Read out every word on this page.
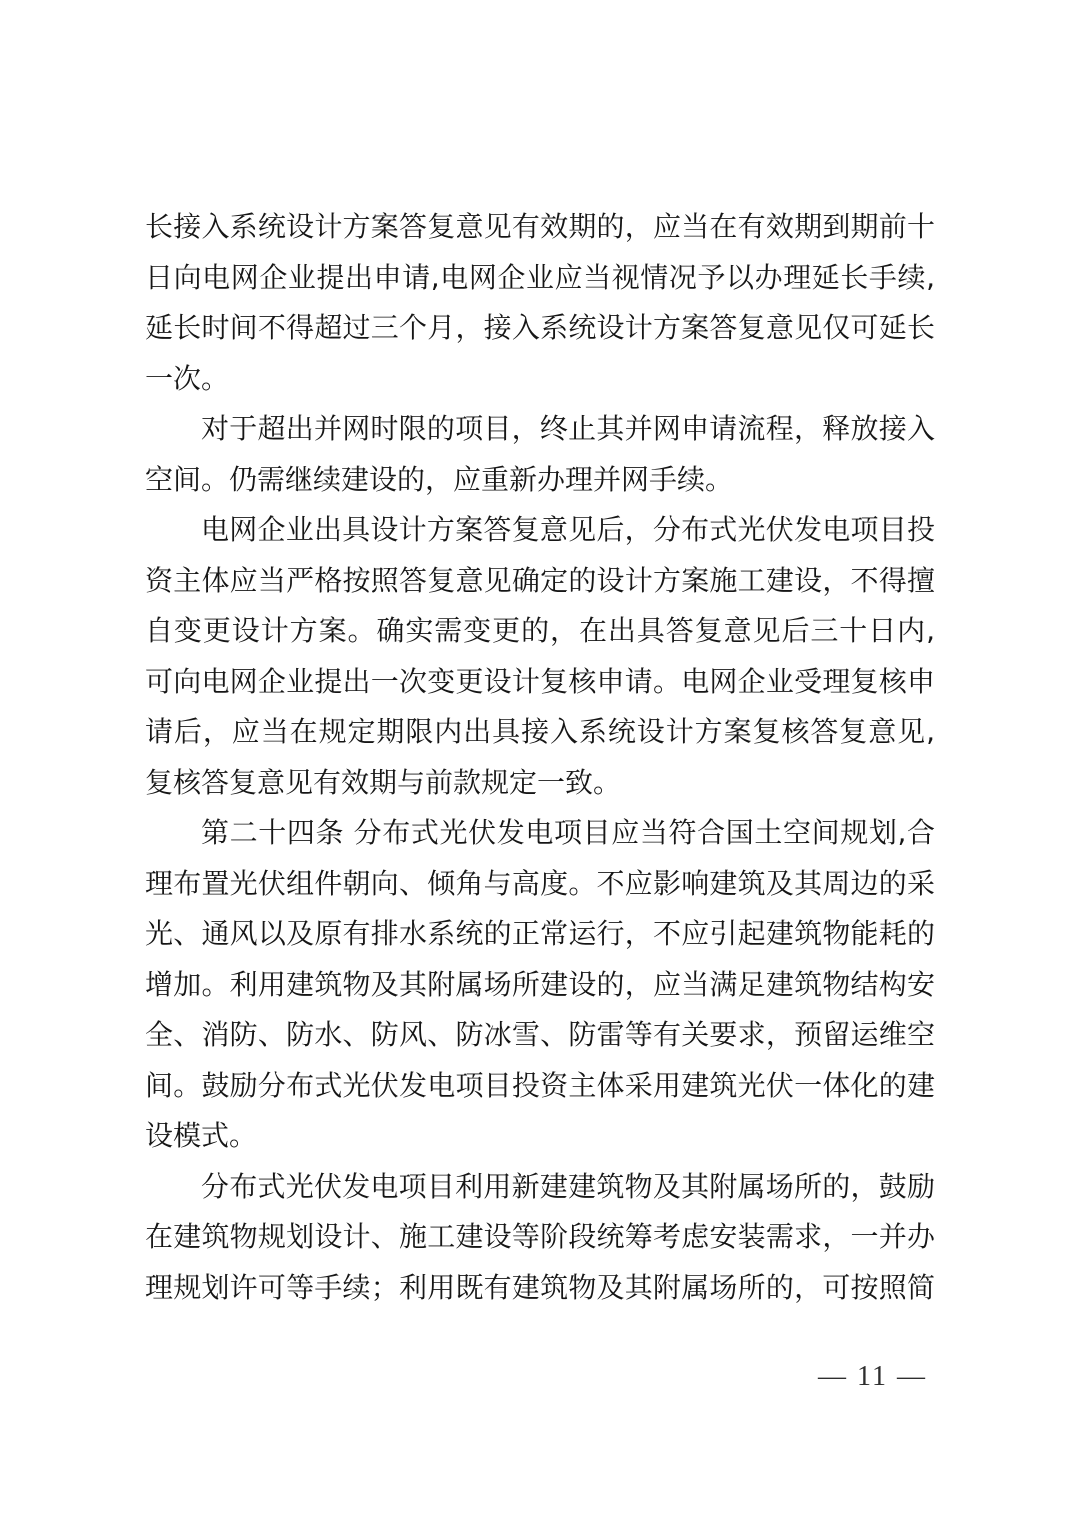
长接入系统设计方案答复意见有效期的，应当在有效期到期前十
日向电网企业提出申请,电网企业应当视情况予以办理延长手续,
延长时间不得超过三个月，接入系统设计方案答复意见仅可延长
一次。
对于超出并网时限的项目，终止其并网申请流程，释放接入
空间。仍需继续建设的，应重新办理并网手续。
电网企业出具设计方案答复意见后，分布式光伏发电项目投
资主体应当严格按照答复意见确定的设计方案施工建设，不得擅
自变更设计方案。确实需变更的，在出具答复意见后三十日内,
可向电网企业提出一次变更设计复核申请。电网企业受理复核申
请后，应当在规定期限内出具接入系统设计方案复核答复意见,
复核答复意见有效期与前款规定一致。
第二十四条 分布式光伏发电项目应当符合国土空间规划,合
理布置光伏组件朝向、倾角与高度。不应影响建筑及其周边的采
光、通风以及原有排水系统的正常运行，不应引起建筑物能耗的
增加。利用建筑物及其附属场所建设的，应当满足建筑物结构安
全、消防、防水、防风、防冰雪、防雷等有关要求，预留运维空
间。鼓励分布式光伏发电项目投资主体采用建筑光伏一体化的建
设模式。
分布式光伏发电项目利用新建建筑物及其附属场所的，鼓励
在建筑物规划设计、施工建设等阶段统筹考虑安装需求，一并办
理规划许可等手续；利用既有建筑物及其附属场所的，可按照简
— 11 —
